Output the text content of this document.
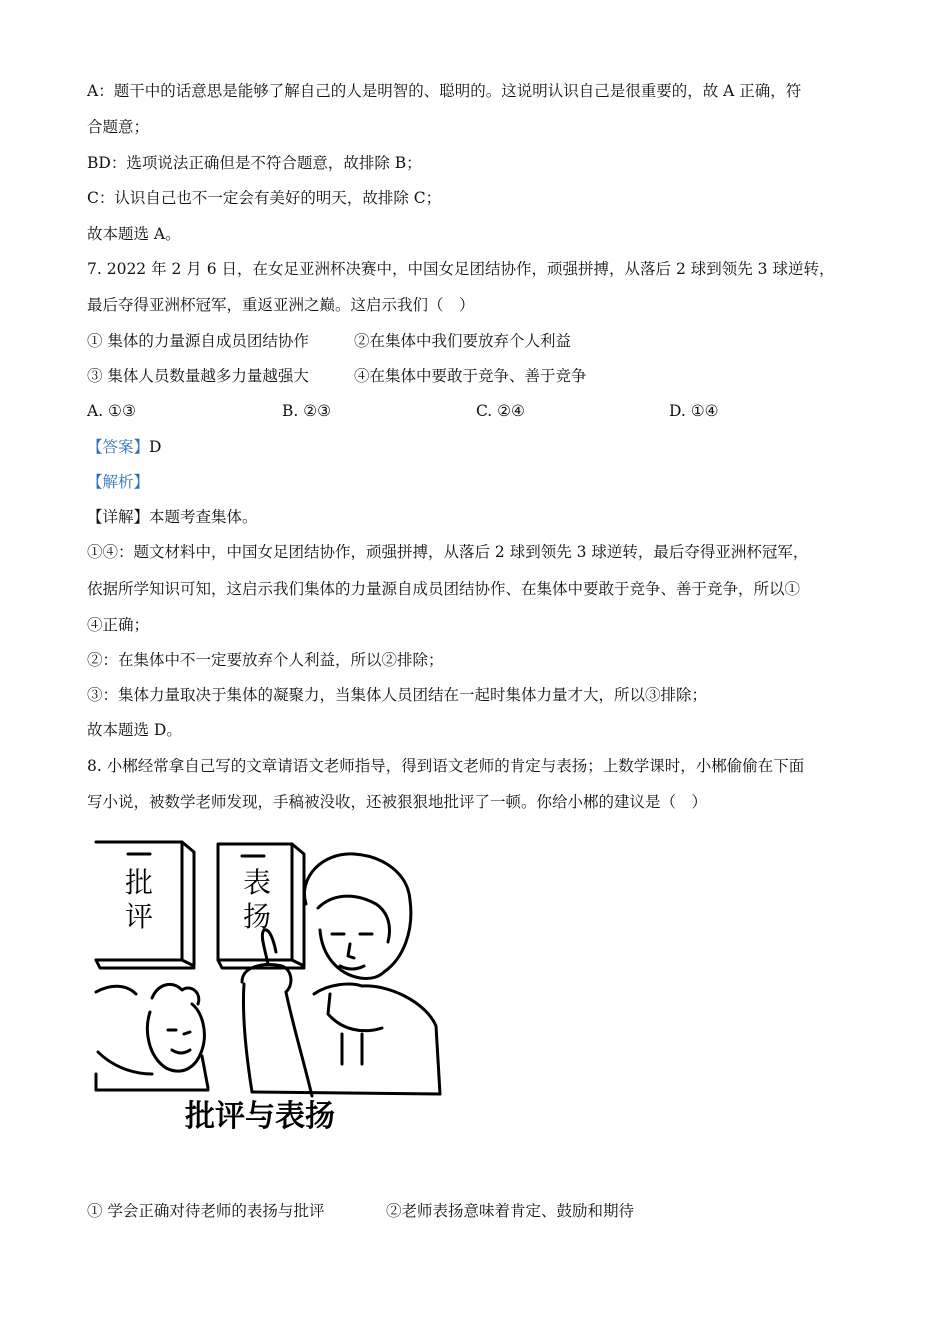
A：题干中的话意思是能够了解自己的人是明智的、聪明的。这说明认识自己是很重要的，故 A 正确，符
合题意；
BD：选项说法正确但是不符合题意，故排除 B；
C：认识自己也不一定会有美好的明天，故排除 C；
故本题选 A。
7. 2022 年 2 月 6 日，在女足亚洲杯决赛中，中国女足团结协作，顽强拼搏，从落后 2 球到领先 3 球逆转，
最后夺得亚洲杯冠军，重返亚洲之巅。这启示我们（　）
① 集体的力量源自成员团结协作	②在集体中我们要放弃个人利益
③ 集体人员数量越多力量越强大	④在集体中要敢于竞争、善于竞争
A. ①③	B. ②③	C. ②④	D. ①④
【答案】D
【解析】
【详解】本题考查集体。
①④：题文材料中，中国女足团结协作，顽强拼搏，从落后 2 球到领先 3 球逆转，最后夺得亚洲杯冠军，
依据所学知识可知，这启示我们集体的力量源自成员团结协作、在集体中要敢于竞争、善于竞争，所以①
④正确；
②：在集体中不一定要放弃个人利益，所以②排除；
③：集体力量取决于集体的凝聚力，当集体人员团结在一起时集体力量才大，所以③排除；
故本题选 D。
8. 小郴经常拿自己写的文章请语文老师指导，得到语文老师的肯定与表扬；上数学课时，小郴偷偷在下面
写小说，被数学老师发现，手稿被没收，还被狠狠地批评了一顿。你给小郴的建议是（　）
① 学会正确对待老师的表扬与批评	②老师表扬意味着肯定、鼓励和期待
批
评
表
扬
批评与表扬
